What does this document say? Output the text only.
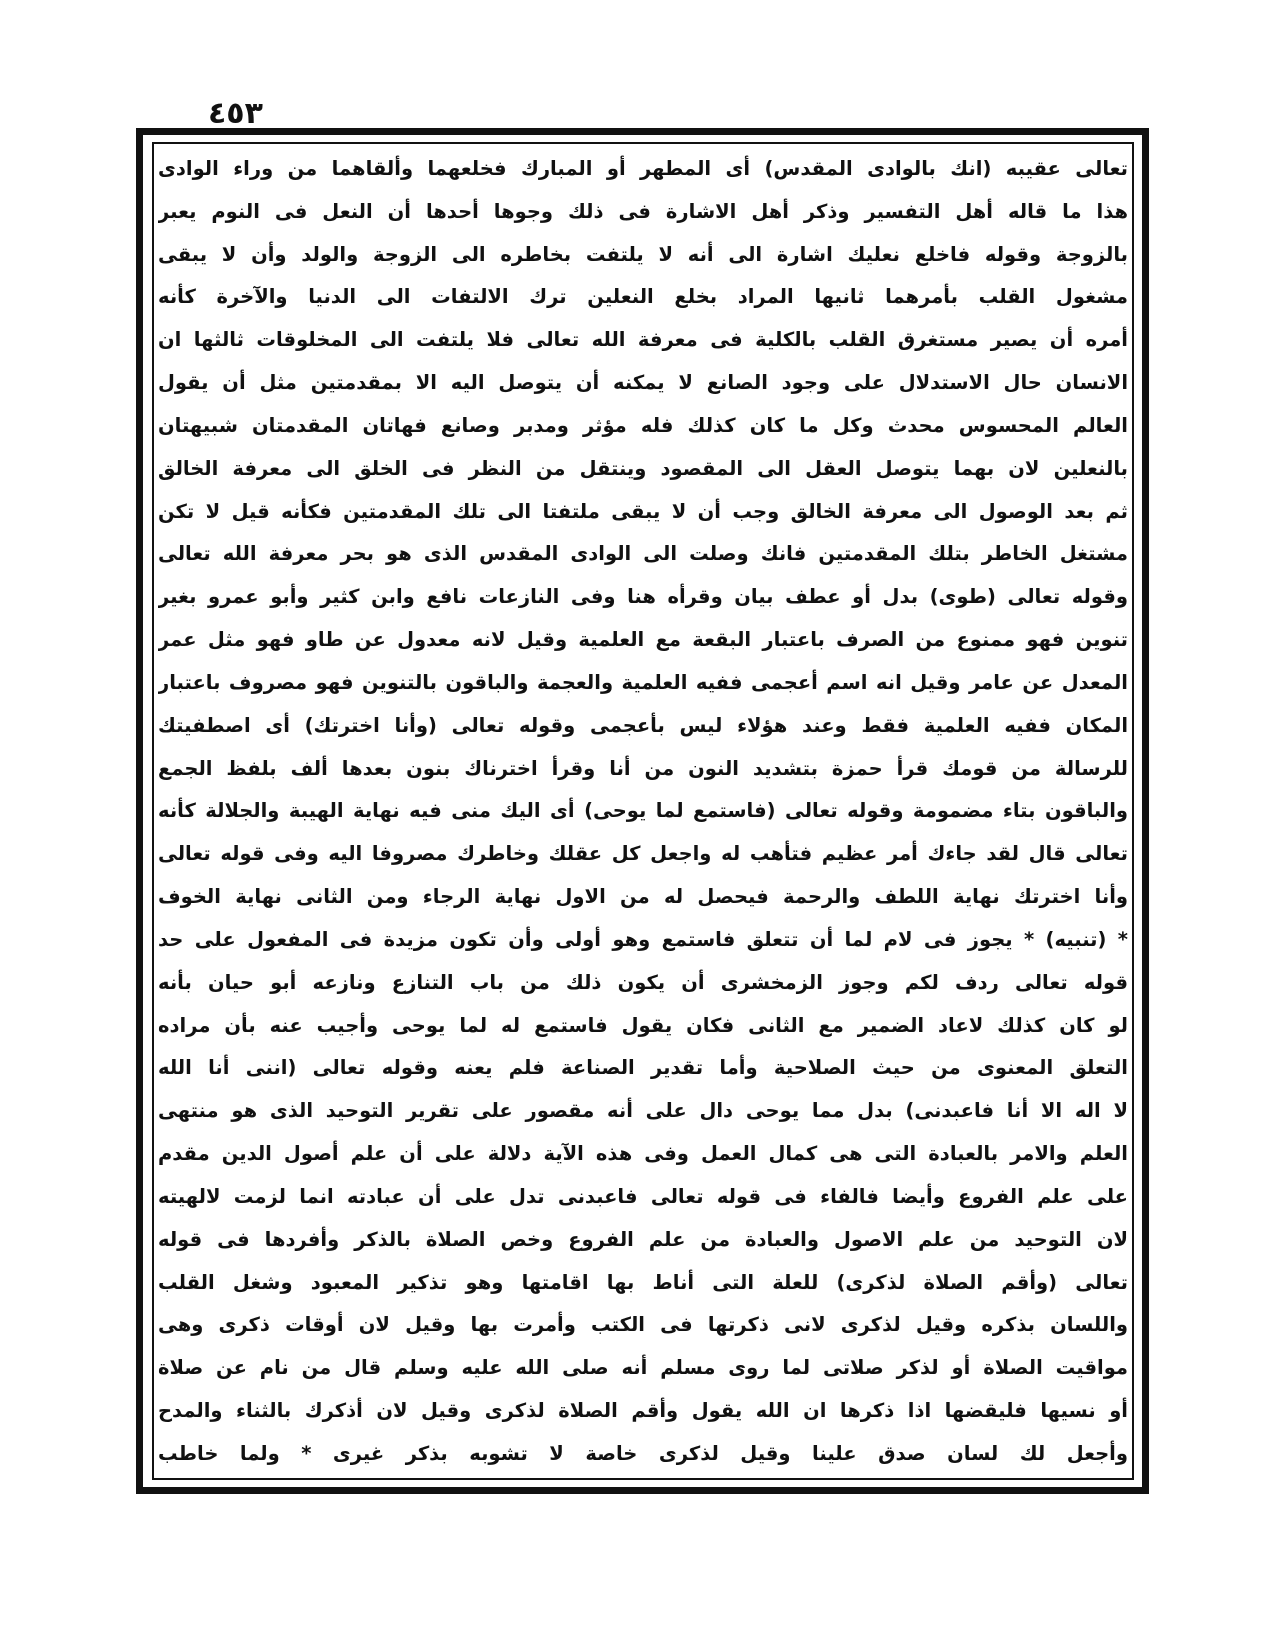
٤٥٣
تعالى عقيبه (انك بالوادى المقدس) أى المطهر أو المبارك فخلعهما وألقاهما من وراء الوادى
هذا ما قاله أهل التفسير وذكر أهل الاشارة فى ذلك وجوها أحدها أن النعل فى النوم يعبر
بالزوجة وقوله فاخلع نعليك اشارة الى أنه لا يلتفت بخاطره الى الزوجة والولد وأن لا يبقى
مشغول القلب بأمرهما ثانيها المراد بخلع النعلين ترك الالتفات الى الدنيا والآخرة كأنه
أمره أن يصير مستغرق القلب بالكلية فى معرفة الله تعالى فلا يلتفت الى المخلوقات ثالثها ان
الانسان حال الاستدلال على وجود الصانع لا يمكنه أن يتوصل اليه الا بمقدمتين مثل أن يقول
العالم المحسوس محدث وكل ما كان كذلك فله مؤثر ومدبر وصانع فهاتان المقدمتان شبيهتان
بالنعلين لان بهما يتوصل العقل الى المقصود وينتقل من النظر فى الخلق الى معرفة الخالق
ثم بعد الوصول الى معرفة الخالق وجب أن لا يبقى ملتفتا الى تلك المقدمتين فكأنه قيل لا تكن
مشتغل الخاطر بتلك المقدمتين فانك وصلت الى الوادى المقدس الذى هو بحر معرفة الله تعالى
وقوله تعالى (طوى) بدل أو عطف بيان وقرأه هنا وفى النازعات نافع وابن كثير وأبو عمرو بغير
تنوين فهو ممنوع من الصرف باعتبار البقعة مع العلمية وقيل لانه معدول عن طاو فهو مثل عمر
المعدل عن عامر وقيل انه اسم أعجمى ففيه العلمية والعجمة والباقون بالتنوين فهو مصروف باعتبار
المكان ففيه العلمية فقط وعند هؤلاء ليس بأعجمى وقوله تعالى (وأنا اخترتك) أى اصطفيتك
للرسالة من قومك قرأ حمزة بتشديد النون من أنا وقرأ اخترناك بنون بعدها ألف بلفظ الجمع
والباقون بتاء مضمومة وقوله تعالى (فاستمع لما يوحى) أى اليك منى فيه نهاية الهيبة والجلالة كأنه
تعالى قال لقد جاءك أمر عظيم فتأهب له واجعل كل عقلك وخاطرك مصروفا اليه وفى قوله تعالى
وأنا اخترتك نهاية اللطف والرحمة فيحصل له من الاول نهاية الرجاء ومن الثانى نهاية الخوف
* (تنبيه) * يجوز فى لام لما أن تتعلق فاستمع وهو أولى وأن تكون مزيدة فى المفعول على حد
قوله تعالى ردف لكم وجوز الزمخشرى أن يكون ذلك من باب التنازع ونازعه أبو حيان بأنه
لو كان كذلك لاعاد الضمير مع الثانى فكان يقول فاستمع له لما يوحى وأجيب عنه بأن مراده
التعلق المعنوى من حيث الصلاحية وأما تقدير الصناعة فلم يعنه وقوله تعالى (اننى أنا الله
لا اله الا أنا فاعبدنى) بدل مما يوحى دال على أنه مقصور على تقرير التوحيد الذى هو منتهى
العلم والامر بالعبادة التى هى كمال العمل وفى هذه الآية دلالة على أن علم أصول الدين مقدم
على علم الفروع وأيضا فالفاء فى قوله تعالى فاعبدنى تدل على أن عبادته انما لزمت لالهيته
لان التوحيد من علم الاصول والعبادة من علم الفروع وخص الصلاة بالذكر وأفردها فى قوله
تعالى (وأقم الصلاة لذكرى) للعلة التى أناط بها اقامتها وهو تذكير المعبود وشغل القلب
واللسان بذكره وقيل لذكرى لانى ذكرتها فى الكتب وأمرت بها وقيل لان أوقات ذكرى وهى
مواقيت الصلاة أو لذكر صلاتى لما روى مسلم أنه صلى الله عليه وسلم قال من نام عن صلاة
أو نسيها فليقضها اذا ذكرها ان الله يقول وأقم الصلاة لذكرى وقيل لان أذكرك بالثناء والمدح
وأجعل لك لسان صدق علينا وقيل لذكرى خاصة لا تشوبه بذكر غيرى * ولما خاطب
